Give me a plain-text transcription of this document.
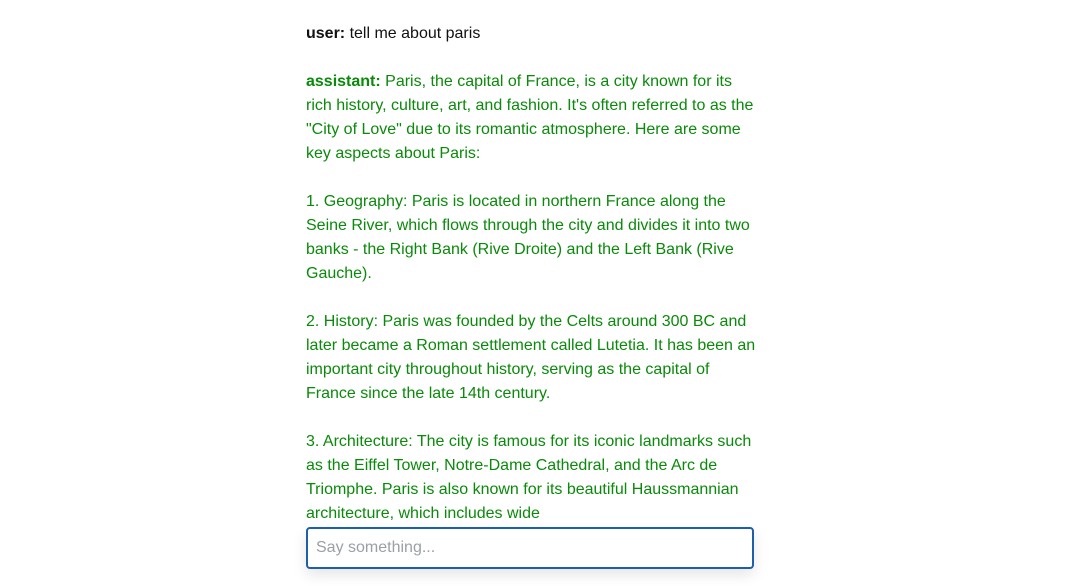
user: tell me about paris

assistant: Paris, the capital of France, is a city known for its rich history, culture, art, and fashion. It's often referred to as the "City of Love" due to its romantic atmosphere. Here are some key aspects about Paris:

1. Geography: Paris is located in northern France along the Seine River, which flows through the city and divides it into two banks - the Right Bank (Rive Droite) and the Left Bank (Rive Gauche).

2. History: Paris was founded by the Celts around 300 BC and later became a Roman settlement called Lutetia. It has been an important city throughout history, serving as the capital of France since the late 14th century.

3. Architecture: The city is famous for its iconic landmarks such as the Eiffel Tower, Notre-Dame Cathedral, and the Arc de Triomphe. Paris is also known for its beautiful Haussmannian architecture, which includes wide

Say something...
